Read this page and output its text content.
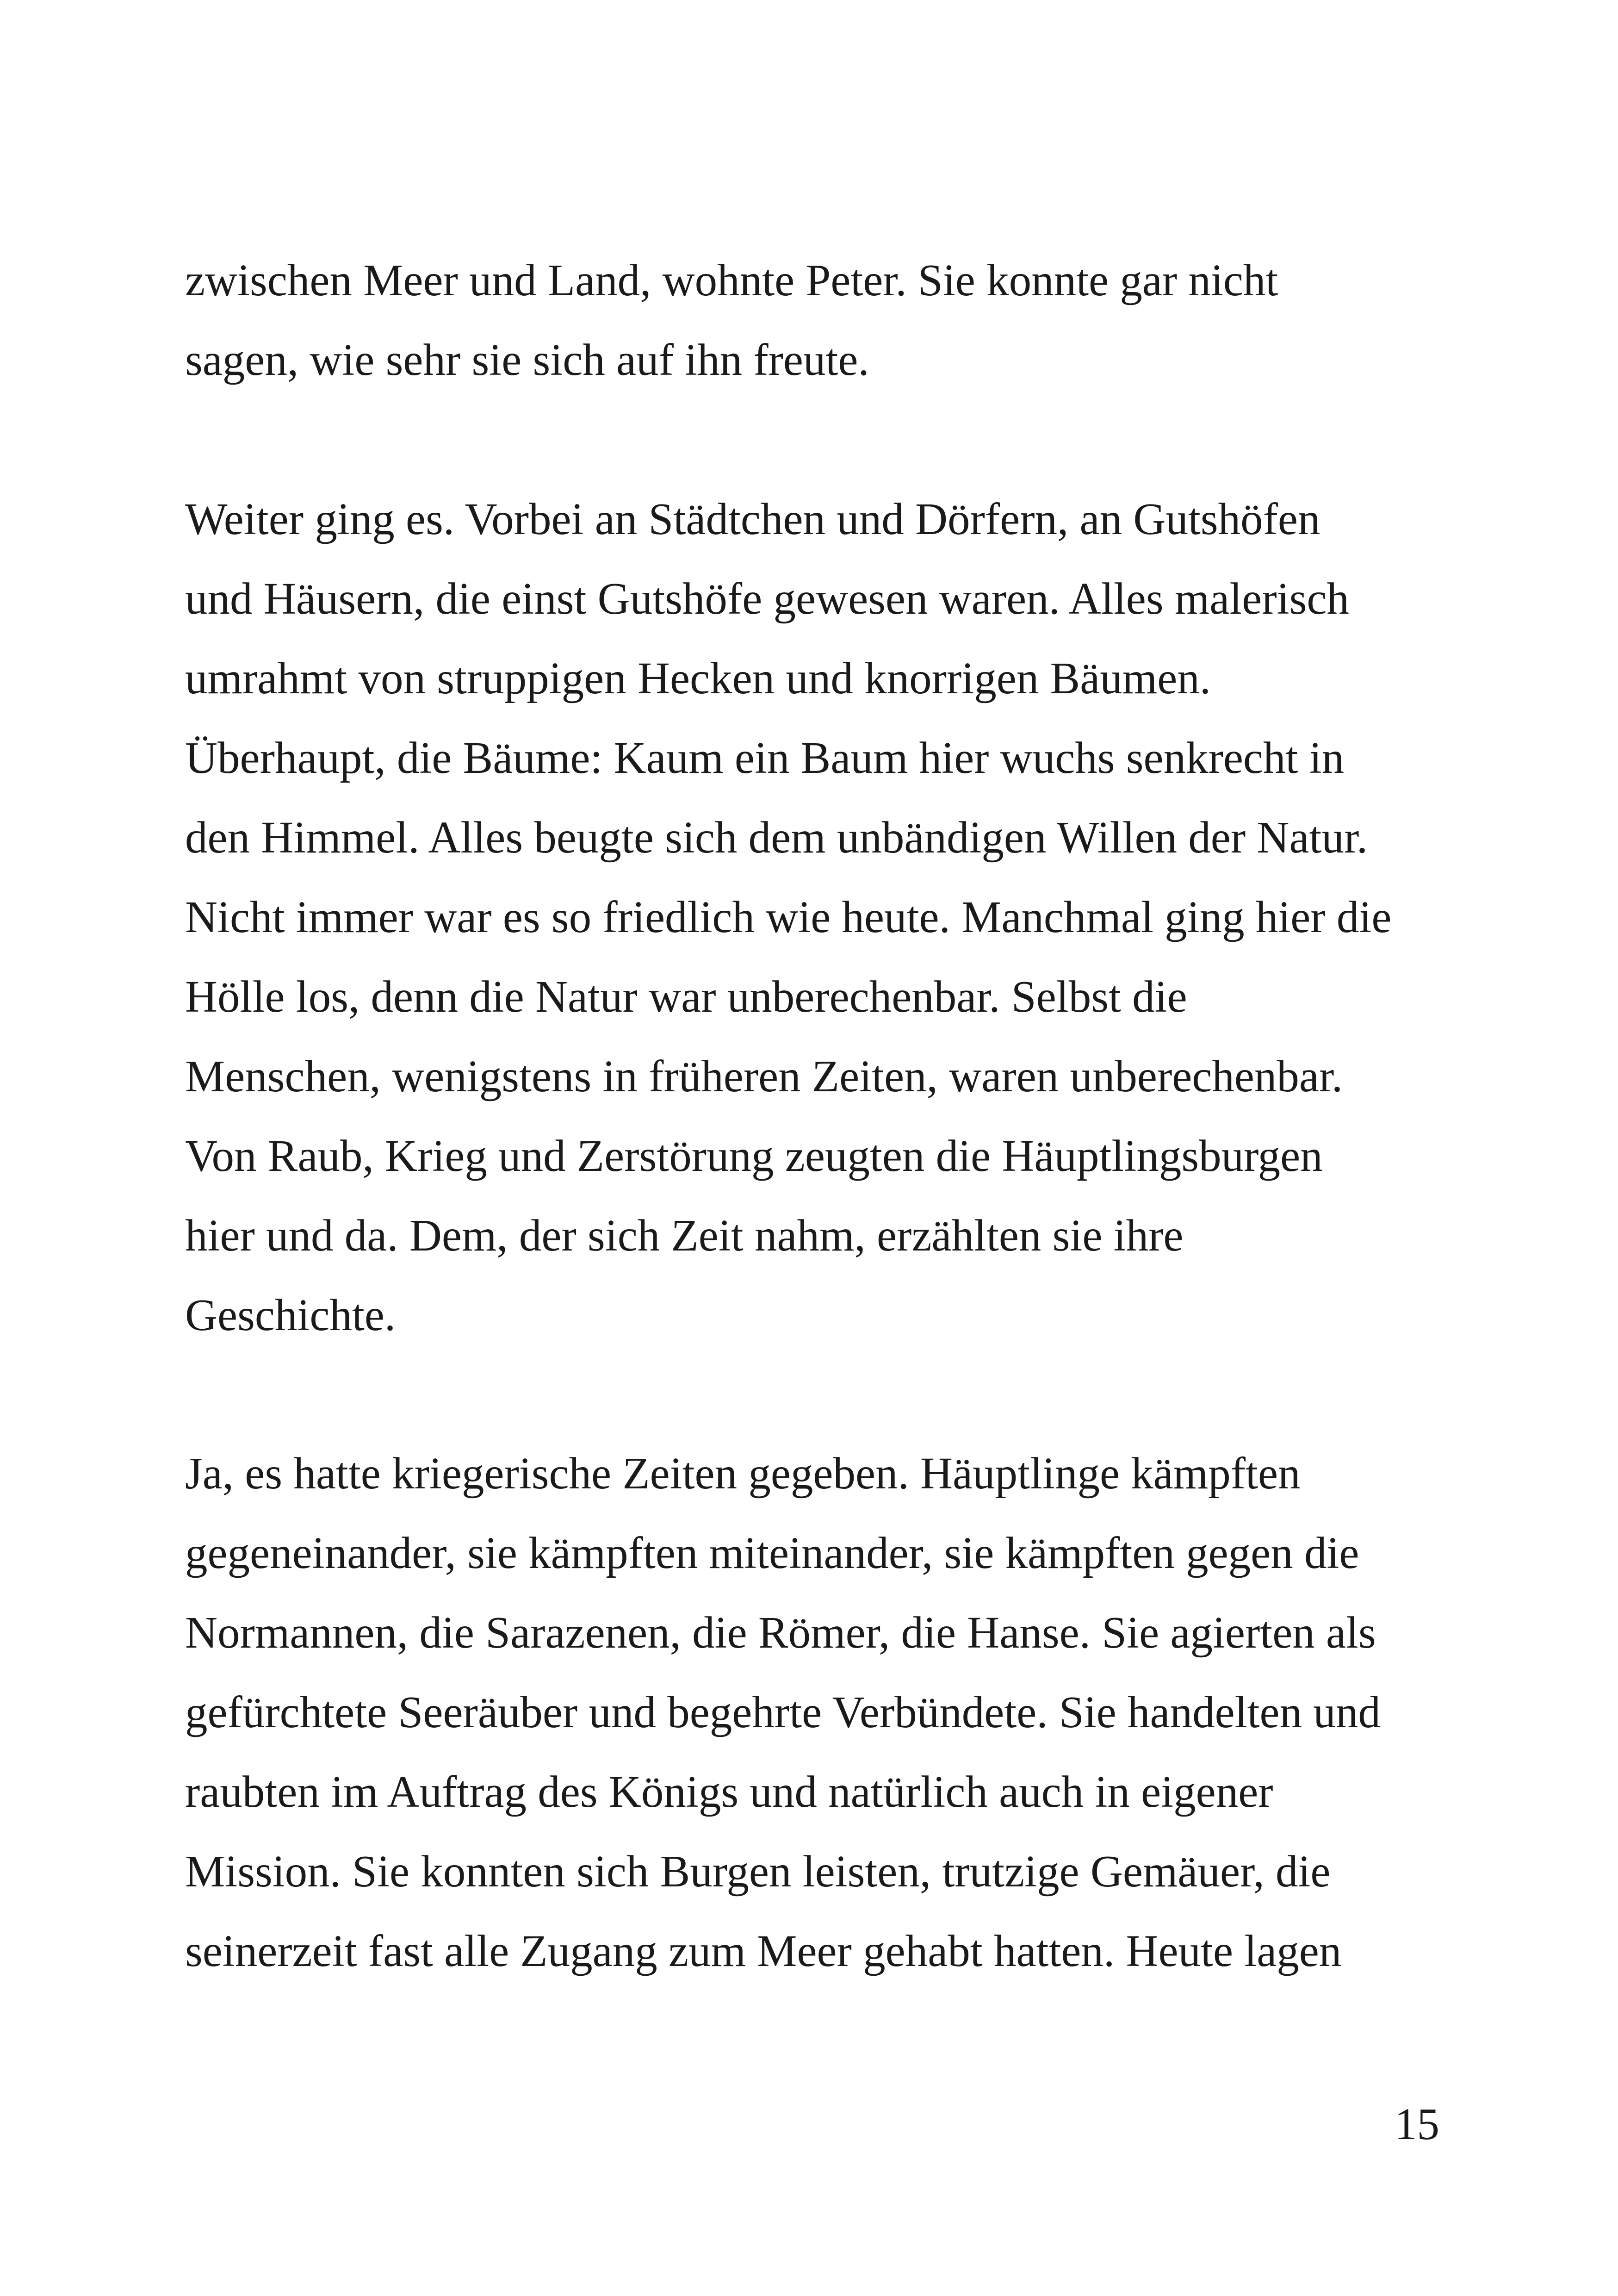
zwischen Meer und Land, wohnte Peter. Sie konnte gar nicht
sagen, wie sehr sie sich auf ihn freute.
Weiter ging es. Vorbei an Städtchen und Dörfern, an Gutshöfen
und Häusern, die einst Gutshöfe gewesen waren. Alles malerisch
umrahmt von struppigen Hecken und knorrigen Bäumen.
Überhaupt, die Bäume: Kaum ein Baum hier wuchs senkrecht in
den Himmel. Alles beugte sich dem unbändigen Willen der Natur.
Nicht immer war es so friedlich wie heute. Manchmal ging hier die
Hölle los, denn die Natur war unberechenbar. Selbst die
Menschen, wenigstens in früheren Zeiten, waren unberechenbar.
Von Raub, Krieg und Zerstörung zeugten die Häuptlingsburgen
hier und da. Dem, der sich Zeit nahm, erzählten sie ihre
Geschichte.
Ja, es hatte kriegerische Zeiten gegeben. Häuptlinge kämpften
gegeneinander, sie kämpften miteinander, sie kämpften gegen die
Normannen, die Sarazenen, die Römer, die Hanse. Sie agierten als
gefürchtete Seeräuber und begehrte Verbündete. Sie handelten und
raubten im Auftrag des Königs und natürlich auch in eigener
Mission. Sie konnten sich Burgen leisten, trutzige Gemäuer, die
seinerzeit fast alle Zugang zum Meer gehabt hatten. Heute lagen
15
